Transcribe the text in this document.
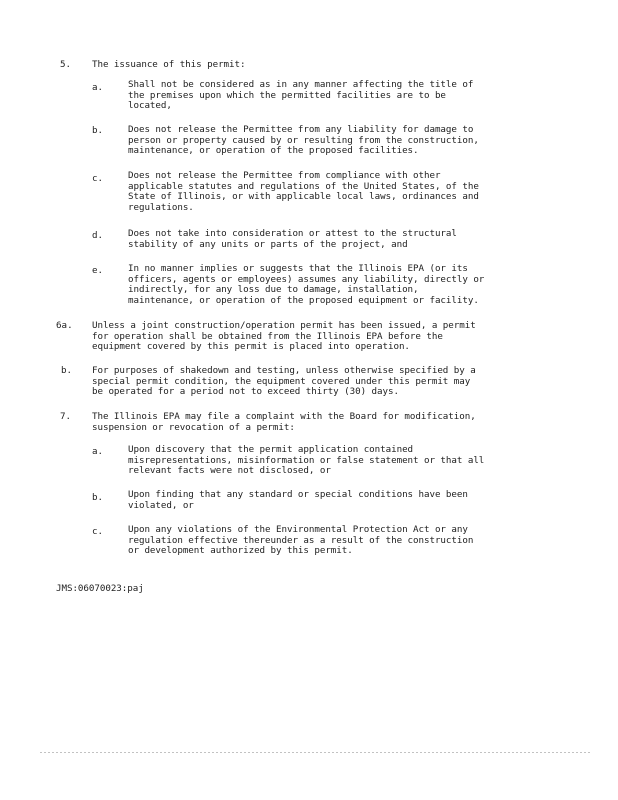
5. The issuance of this permit:
a.	Shall not be considered as in any manner affecting the title of
the premises upon which the permitted facilities are to be
located,
b.	Does not release the Permittee from any liability for damage to
person or property caused by or resulting from the construction,
maintenance, or operation of the proposed facilities.
c.	Does not release the Permittee from compliance with other
applicable statutes and regulations of the United States, of the
State of Illinois, or with applicable local laws, ordinances and
regulations.
d.	Does not take into consideration or attest to the structural
stability of any units or parts of the project, and
e.	In no manner implies or suggests that the Illinois EPA (or its
officers, agents or employees) assumes any liability, directly or
indirectly, for any loss due to damage, installation,
maintenance, or operation of the proposed equipment or facility.
6a. Unless a joint construction/operation permit has been issued, a permit
for operation shall be obtained from the Illinois EPA before the
equipment covered by this permit is placed into operation.
b. For purposes of shakedown and testing, unless otherwise specified by a
special permit condition, the equipment covered under this permit may
be operated for a period not to exceed thirty (30) days.
7. The Illinois EPA may file a complaint with the Board for modification,
suspension or revocation of a permit:
a.	Upon discovery that the permit application contained
misrepresentations, misinformation or false statement or that all
relevant facts were not disclosed, or
b.	Upon finding that any standard or special conditions have been
violated, or
c.	Upon any violations of the Environmental Protection Act or any
regulation effective thereunder as a result of the construction
or development authorized by this permit.
JMS:06070023:paj
